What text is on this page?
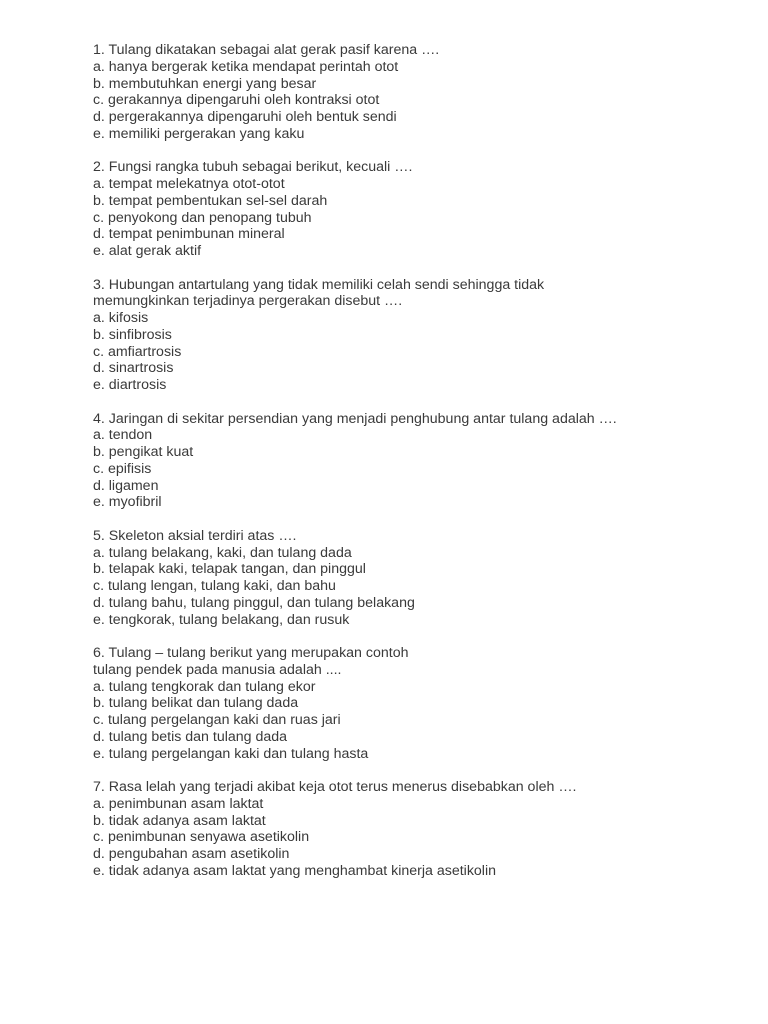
1. Tulang dikatakan sebagai alat gerak pasif karena ….
a. hanya bergerak ketika mendapat perintah otot
b. membutuhkan energi yang besar
c. gerakannya dipengaruhi oleh kontraksi otot
d. pergerakannya dipengaruhi oleh bentuk sendi
e. memiliki pergerakan yang kaku
2. Fungsi rangka tubuh sebagai berikut, kecuali ….
a. tempat melekatnya otot-otot
b. tempat pembentukan sel-sel darah
c. penyokong dan penopang tubuh
d. tempat penimbunan mineral
e. alat gerak aktif
3. Hubungan antartulang yang tidak memiliki celah sendi sehingga tidak
memungkinkan terjadinya pergerakan disebut ….
a. kifosis
b. sinfibrosis
c. amfiartrosis
d. sinartrosis
e. diartrosis
4. Jaringan di sekitar persendian yang menjadi penghubung antar tulang adalah ….
a. tendon
b. pengikat kuat
c. epifisis
d. ligamen
e. myofibril
5. Skeleton aksial terdiri atas ….
a. tulang belakang, kaki, dan tulang dada
b. telapak kaki, telapak tangan, dan pinggul
c. tulang lengan, tulang kaki, dan bahu
d. tulang bahu, tulang pinggul, dan tulang belakang
e. tengkorak, tulang belakang, dan rusuk
6. Tulang – tulang berikut yang merupakan contoh
tulang pendek pada manusia adalah ....
a. tulang tengkorak dan tulang ekor
b. tulang belikat dan tulang dada
c. tulang pergelangan kaki dan ruas jari
d. tulang betis dan tulang dada
e. tulang pergelangan kaki dan tulang hasta
7. Rasa lelah yang terjadi akibat keja otot terus menerus disebabkan oleh ….
a. penimbunan asam laktat
b. tidak adanya asam laktat
c. penimbunan senyawa asetikolin
d. pengubahan asam asetikolin
e. tidak adanya asam laktat yang menghambat kinerja asetikolin
